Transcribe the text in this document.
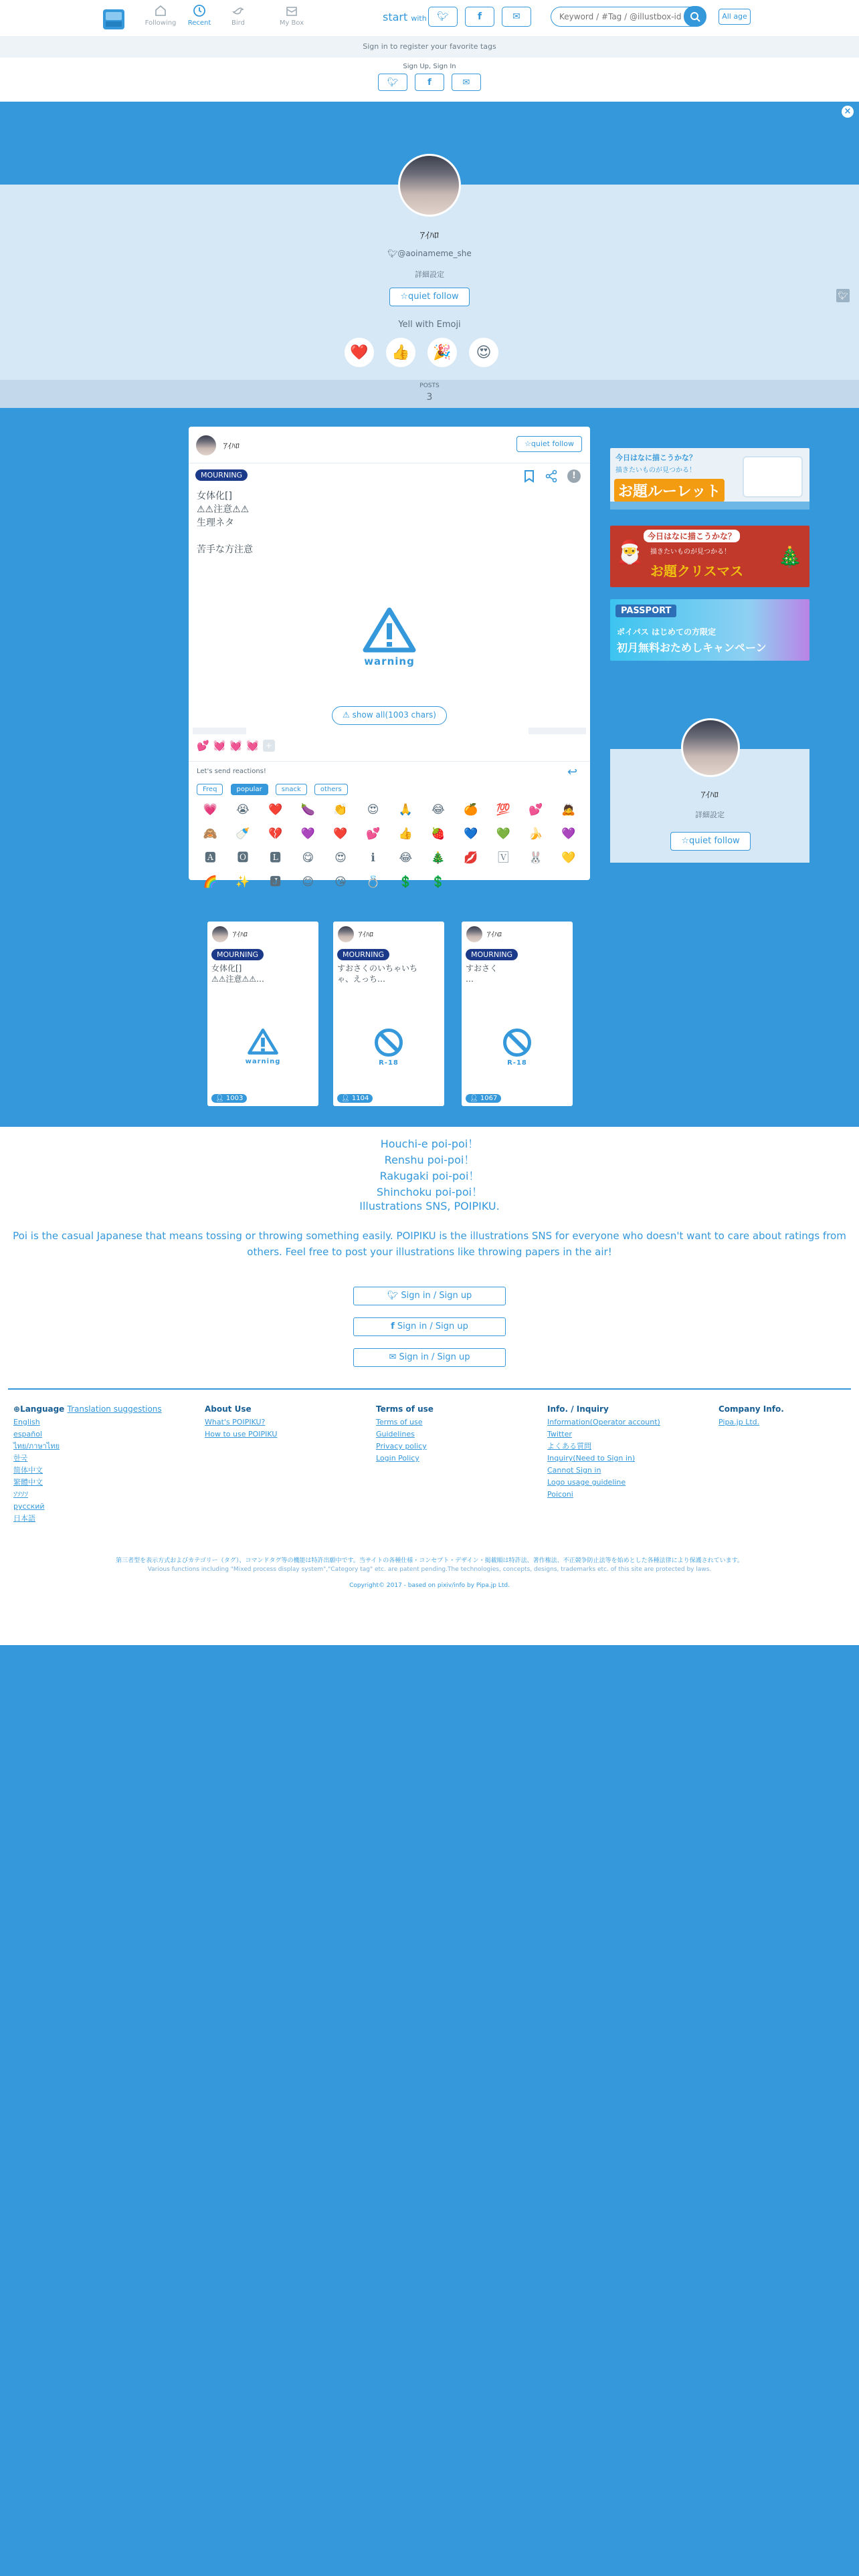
Following	Recent	Bird	My Box	start with 🐦︎	f	✉
Keyword / #Tag / @illustbox-id	All age
Sign in to register your favorite tags
Sign Up, Sign In
🐦︎	f	✉
×
🐦︎
ｱｲﾊﾛ
🐦︎@aoinameme_she
詳細設定
☆quiet follow
Yell with Emoji
❤️	👍	🎉	😍
POSTS
3
ｱｲﾊﾛ	☆quiet follow
MOURNING	!
女体化[]
⚠⚠注意⚠⚠
生理ネタ
苦手な方注意
warning
⚠ show all(1003 chars)
💕 💓 💓 💓 +
Let's send reactions!	↩
Freq	popular	snack	others
💗	😭	❤️	🍆	👏	😍	🙏	😂	🍊	💯	💕	🙇
🙈	🍼	💔	💜	❤️	💕	👍	🍓	💙	💚	🍌	💜
🅰	🅾	🅻	😋	😍	ℹ	😂	🎄	💋	🅅	🐰	💛
🌈	✨	🅹	😊	😘	💍	💲	💲
今日はなに描こうかな？
描きたいものが見つかる！
お題ルーレット
今日はなに描こうかな？
描きたいものが見つかる！
お題クリスマス
🎅	🎄
PASSPORT
ポイパス はじめての方限定
初月無料おためしキャンペーン
ｱｲﾊﾛ
詳細設定
☆quiet follow
ｱｲﾊﾛ
MOURNING
女体化[]
⚠⚠注意⚠⚠…
warning
👤︎ 1003
ｱｲﾊﾛ
MOURNING
すおさくのいちゃいち
ゃ、えっち…
R-18
👤︎ 1104
ｱｲﾊﾛ
MOURNING
すおさく
…
R-18
👤︎ 1067
Houchi-e poi-poi！
Renshu poi-poi！
Rakugaki poi-poi！
Shinchoku poi-poi！
Illustrations SNS, POIPIKU.
Poi is the casual Japanese that means tossing or throwing something easily. POIPIKU is the illustrations SNS for everyone who doesn't want to care about ratings from others. Feel free to post your illustrations like throwing papers in the air!
🐦︎ Sign in / Sign up
f Sign in / Sign up
✉ Sign in / Sign up
⊕Language Translation suggestions
English
español
ไทย/ภาษาไทย
한국
简体中文
繁體中文
ｿｿｿｿ
русский
日本語
About Use
What's POIPIKU?
How to use POIPIKU
Terms of use
Terms of use
Guidelines
Privacy policy
Login Policy
Info. / Inquiry
Information(Operator account)
Twitter
よくある質問
Inquiry(Need to Sign in)
Cannot Sign in
Logo usage guideline
Poiconi
Company Info.
Pipa.jp Ltd.
第三者型を表示方式およびカテゴリー（タグ）、コマンドタグ等の機能は特許出願中です。当サイトの各種仕様・コンセプト・デザイン・掲載順は特許法、著作権法、不正競争防止法等を始めとした各種法律により保護されています。
Various functions including "Mixed process display system","Category tag" etc. are patent pending.The technologies, concepts, designs, trademarks etc. of this site are protected by laws.
Copyright© 2017 - based on pixiv/info by Pipa.jp Ltd.
